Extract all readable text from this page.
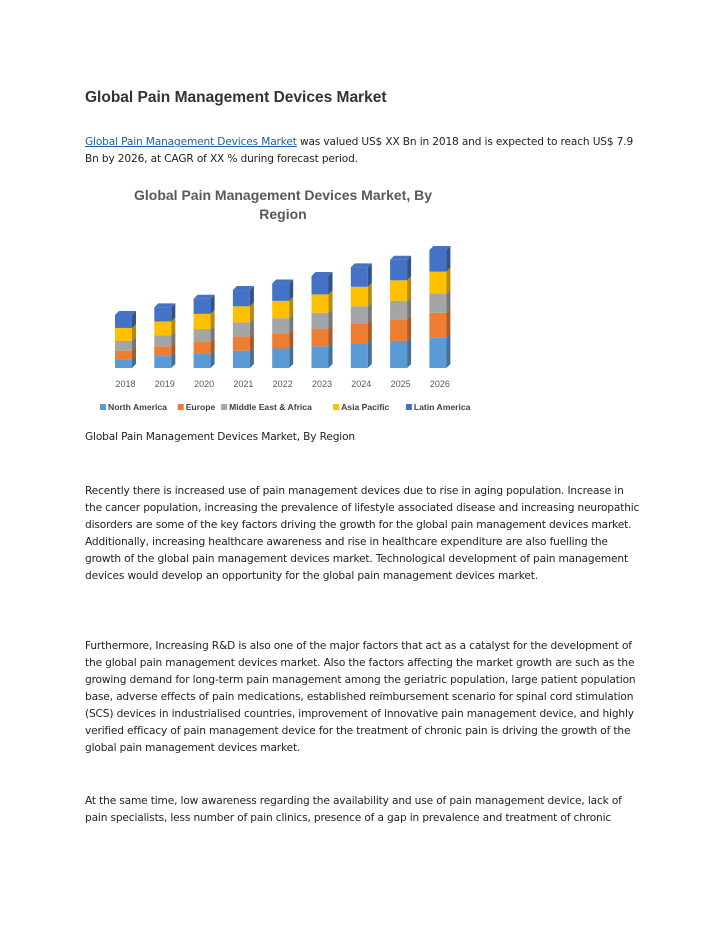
Global Pain Management Devices Market

Global Pain Management Devices Market was valued US$ XX Bn in 2018 and is expected to reach US$ 7.9 Bn by 2026, at CAGR of XX % during forecast period.

Global Pain Management Devices Market, By
Region
2018 2019 2020 2021 2022 2023 2024 2025 2026
North America Europe Middle East & Africa	Asia Pacific	Latin America

Global Pain Management Devices Market, By Region

Recently there is increased use of pain management devices due to rise in aging population. Increase in the cancer population, increasing the prevalence of lifestyle associated disease and increasing neuropathic disorders are some of the key factors driving the growth for the global pain management devices market. Additionally, increasing healthcare awareness and rise in healthcare expenditure are also fuelling the growth of the global pain management devices market. Technological development of pain management devices would develop an opportunity for the global pain management devices market.

Furthermore, Increasing R&D is also one of the major factors that act as a catalyst for the development of the global pain management devices market. Also the factors affecting the market growth are such as the growing demand for long-term pain management among the geriatric population, large patient population base, adverse effects of pain medications, established reimbursement scenario for spinal cord stimulation (SCS) devices in industrialised countries, improvement of innovative pain management device, and highly verified efficacy of pain management device for the treatment of chronic pain is driving the growth of the global pain management devices market.

At the same time, low awareness regarding the availability and use of pain management device, lack of pain specialists, less number of pain clinics, presence of a gap in prevalence and treatment of chronic
